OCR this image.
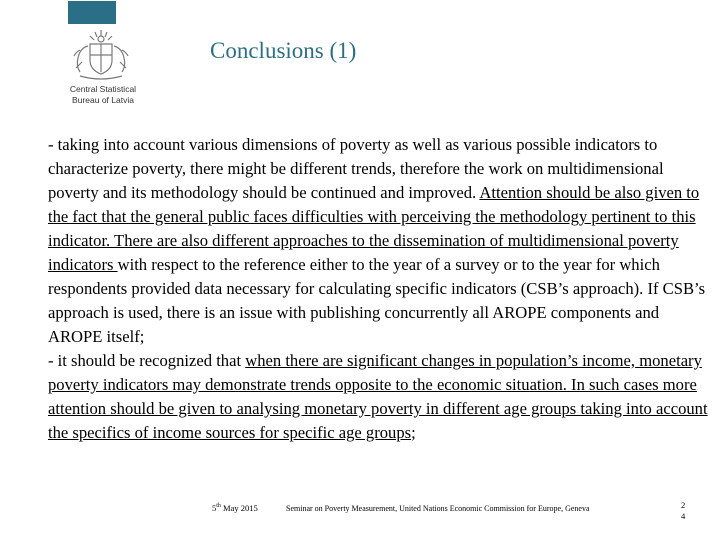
Central Statistical
Bureau of Latvia
Conclusions (1)

- taking into account various dimensions of poverty as well as various possible indicators to characterize poverty, there might be different trends, therefore the work on multidimensional poverty and its methodology should be continued and improved. Attention should be also given to the fact that the general public faces difficulties with perceiving the methodology pertinent to this indicator. There are also different approaches to the dissemination of multidimensional poverty indicators with respect to the reference either to the year of a survey or to the year for which respondents provided data necessary for calculating specific indicators (CSB’s approach). If CSB’s approach is used, there is an issue with publishing concurrently all AROPE components and AROPE itself;

- it should be recognized that when there are significant changes in population’s income, monetary poverty indicators may demonstrate trends opposite to the economic situation. In such cases more attention should be given to analysing monetary poverty in different age groups taking into account the specifics of income sources for specific age groups;

5th May 2015	Seminar on Poverty Measurement, United Nations Economic Commission for Europe, Geneva	24
